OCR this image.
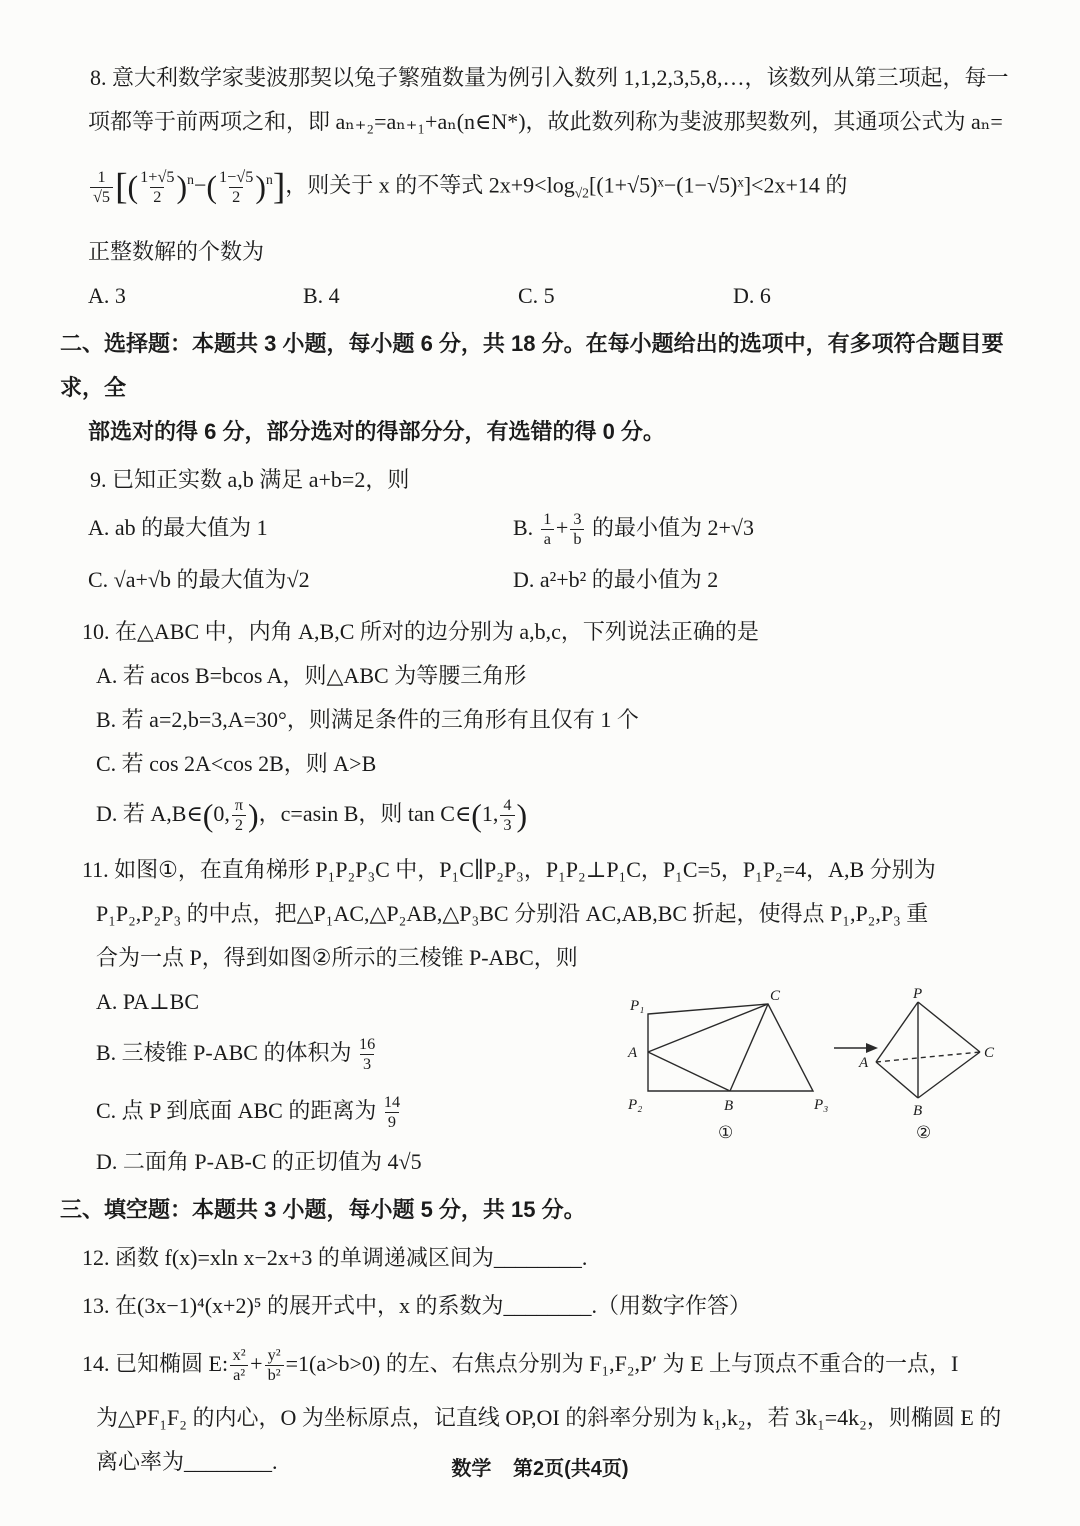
8. 意大利数学家斐波那契以兔子繁殖数量为例引入数列 1,1,2,3,5,8,…，该数列从第三项起，每一
项都等于前两项之和，即 aₙ₊₂=aₙ₊₁+aₙ(n∈N*)，故此数列称为斐波那契数列，其通项公式为 aₙ=
$\frac{1}{√5}$ [( $\frac{1+√5}{2} )^n-( \frac{1-√5}{2} )^n$]，则关于 x 的不等式 $2x+9<\log_{√2}[(1+√5)ˣ-(1-√5)ˣ]<2x+14$ 的
正整数解的个数为
A. 3	B. 4	C. 5	D. 6
二、选择题：本题共 3 小题，每小题 6 分，共 18 分。在每小题给出的选项中，有多项符合题目要求，全
部选对的得 6 分，部分选对的得部分分，有选错的得 0 分。
9. 已知正实数 a,b 满足 a+b=2，则
A. ab 的最大值为 1	B. $\frac{1}{a} + \frac{3}{b}$ 的最小值为 2+√3
C. √a+√b 的最大值为√2	D. a²+b² 的最小值为 2
10. 在△ABC 中，内角 A,B,C 所对的边分别为 a,b,c，下列说法正确的是
A. 若 acos B=bcos A，则△ABC 为等腰三角形
B. 若 a=2,b=3,A=30°，则满足条件的三角形有且仅有 1 个
C. 若 cos 2A<cos 2B，则 A>B
D. 若 A,B∈(0, $\frac{\pi}{2}$ )，c=asin B，则 tan C∈(1, $\frac{4}{3}$ )
11. 如图①，在直角梯形 P₁P₂P₃C 中，P₁C∥P₂P₃，P₁P₂⊥P₁C，P₁C=5，P₁P₂=4，A,B 分别为
P₁P₂,P₂P₃ 的中点，把△P₁AC,△P₂AB,△P₃BC 分别沿 AC,AB,BC 折起，使得点 P₁,P₂,P₃ 重
合为一点 P，得到如图②所示的三棱锥 P-ABC，则
A. PA⊥BC
B. 三棱锥 P-ABC 的体积为 $\frac{16}{3}$
C. 点 P 到底面 ABC 的距离为 $\frac{14}{9}$
D. 二面角 P-AB-C 的正切值为 4√5
P₁
C
A
P₂	B	P₃
①
P
A
C
B
②
三、填空题：本题共 3 小题，每小题 5 分，共 15 分。
12. 函数 f(x)=xln x−2x+3 的单调递减区间为________.
13. 在(3x−1)⁴(x+2)⁵ 的展开式中，x 的系数为________.（用数字作答）
14. 已知椭圆 E: $\frac{\text{x²}}{\text{a²}} + \frac{\text{y²}}{\text{b²}} =1(a>b>0)$ 的左、右焦点分别为 F₁,F₂,P′ 为 E 上与顶点不重合的一点，I
为△PF₁F₂ 的内心，O 为坐标原点，记直线 OP,OI 的斜率分别为 k₁,k₂，若 3k₁=4k₂，则椭圆 E 的
离心率为________.	数学 第2页(共4页)
